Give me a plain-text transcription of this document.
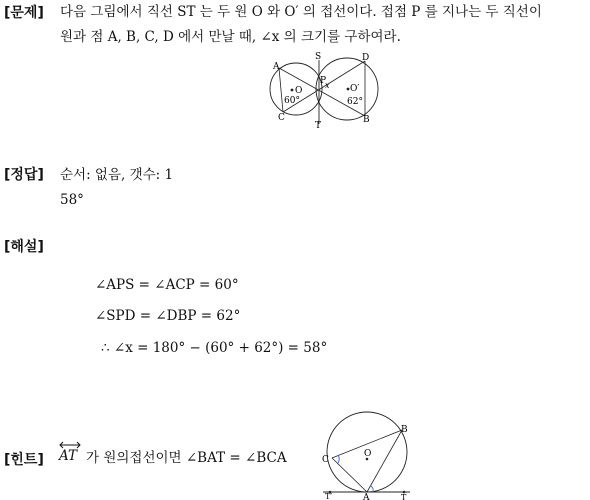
[문제] 다음 그림에서 직선 ST 는 두 원 O 와 O′ 의 접선이다. 접점 P 를 지나는 두 직선이
원과 점 A, B, C, D 에서 만날 때, ∠x 의 크기를 구하여라.
S	D
A
P
x
O	O′
60°	62°
C	B
T
[정답] 순서: 없음, 갯수: 1
58°
[해설]
∠APS = ∠ACP = 60°
∠SPD = ∠DBP = 62°
∴ ∠x = 180° − (60° + 62°) = 58°
[힌트] AT 가 원의접선이면 ∠BAT = ∠BCA
B
C
O
T′	A	T
